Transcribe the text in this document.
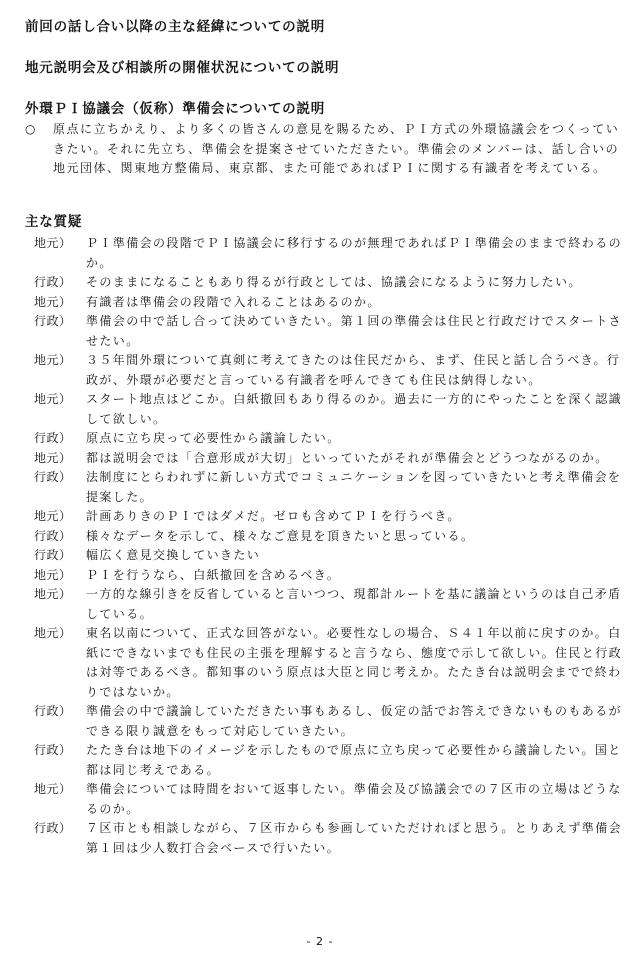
前回の話し合い以降の主な経緯についての説明
地元説明会及び相談所の開催状況についての説明
外環ＰＩ協議会（仮称）準備会についての説明
○	原点に立ちかえり、より多くの皆さんの意見を賜るため、ＰＩ方式の外環協議会をつくっていきたい。それに先立ち、準備会を提案させていただきたい。準備会のメンバーは、話し合いの地元団体、関東地方整備局、東京都、また可能であればＰＩに関する有識者を考えている。
主な質疑
地元）	ＰＩ準備会の段階でＰＩ協議会に移行するのが無理であればＰＩ準備会のままで終わるのか。
行政）	そのままになることもあり得るが行政としては、協議会になるように努力したい。
地元）	有識者は準備会の段階で入れることはあるのか。
行政）	準備会の中で話し合って決めていきたい。第１回の準備会は住民と行政だけでスタートさせたい。
地元）	３５年間外環について真剣に考えてきたのは住民だから、まず、住民と話し合うべき。行政が、外環が必要だと言っている有識者を呼んできても住民は納得しない。
地元）	スタート地点はどこか。白紙撤回もあり得るのか。過去に一方的にやったことを深く認識して欲しい。
行政）	原点に立ち戻って必要性から議論したい。
地元）	都は説明会では「合意形成が大切」といっていたがそれが準備会とどうつながるのか。
行政）	法制度にとらわれずに新しい方式でコミュニケーションを図っていきたいと考え準備会を提案した。
地元）	計画ありきのＰＩではダメだ。ゼロも含めてＰＩを行うべき。
行政）	様々なデータを示して、様々なご意見を頂きたいと思っている。
行政）	幅広く意見交換していきたい
地元）	ＰＩを行うなら、白紙撤回を含めるべき。
地元）	一方的な線引きを反省していると言いつつ、現都計ルートを基に議論というのは自己矛盾している。
地元）	東名以南について、正式な回答がない。必要性なしの場合、Ｓ４１年以前に戻すのか。白紙にできないまでも住民の主張を理解すると言うなら、態度で示して欲しい。住民と行政は対等であるべき。都知事のいう原点は大臣と同じ考えか。たたき台は説明会までで終わりではないか。
行政）	準備会の中で議論していただきたい事もあるし、仮定の話でお答えできないものもあるができる限り誠意をもって対応していきたい。
行政）	たたき台は地下のイメージを示したもので原点に立ち戻って必要性から議論したい。国と都は同じ考えである。
地元）	準備会については時間をおいて返事したい。準備会及び協議会での７区市の立場はどうなるのか。
行政）	７区市とも相談しながら、７区市からも参画していただければと思う。とりあえず準備会第１回は少人数打合会ベースで行いたい。
- 2 -
